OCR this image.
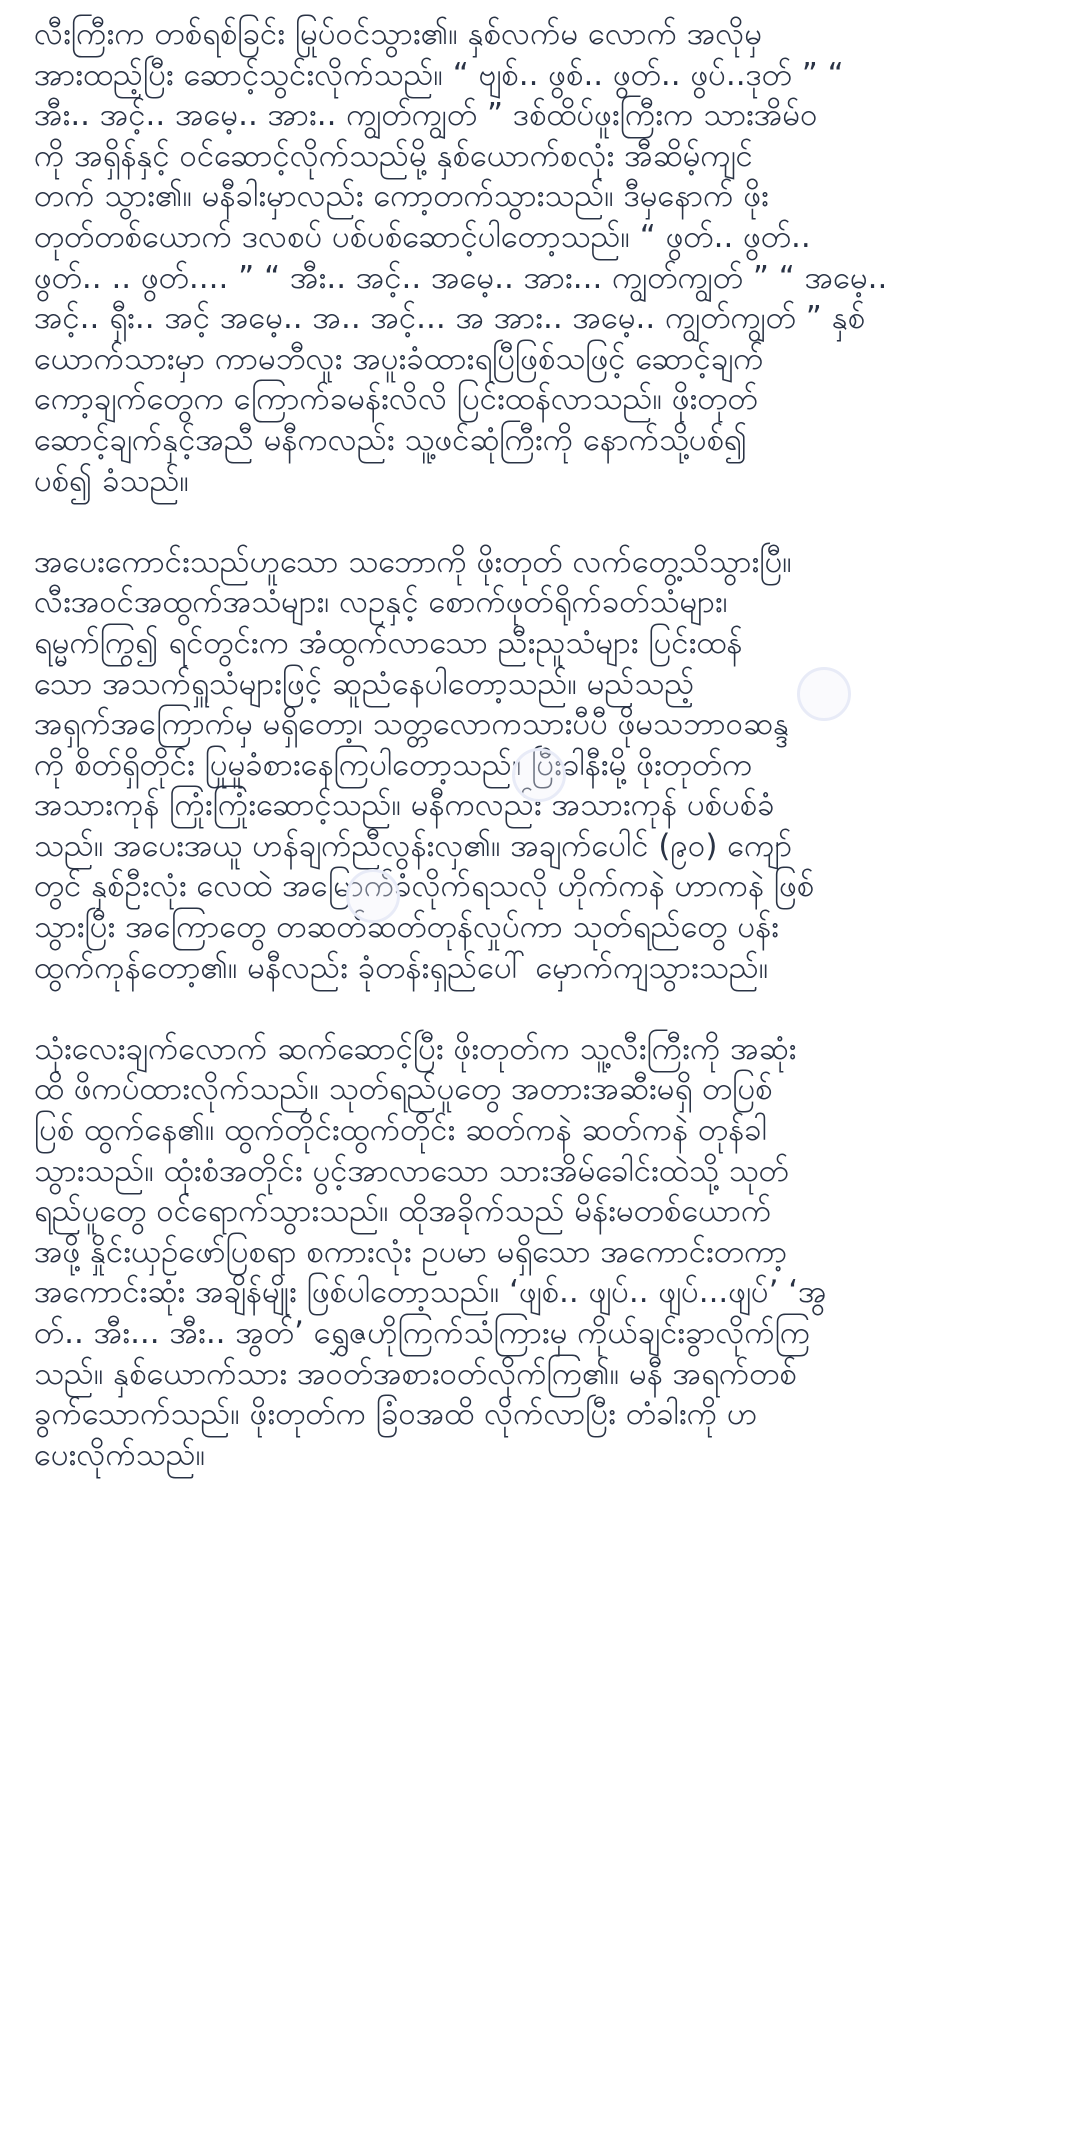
လီးကြီးက တစ်ရစ်ခြင်း မြုပ်ဝင်သွား၏။ နှစ်လက်မ လောက် အလိုမှ
အားထည့်ပြီး ဆောင့်သွင်းလိုက်သည်။ “ ဗျစ်.. ဖွစ်.. ဖွတ်.. ဖွပ်..ဒုတ် ” “
အီး.. အင့်.. အမေ့.. အား.. ကျွတ်ကျွတ် ” ဒစ်ထိပ်ဖူးကြီးက သားအိမ်ဝ
ကို အရှိန်နှင့် ဝင်ဆောင့်လိုက်သည်မို့ နှစ်ယောက်စလုံး အီဆိမ့်ကျင်
တက် သွား၏။ မနီခါးမှာလည်း ကော့တက်သွားသည်။ ဒီမှနောက် ဖိုး
တုတ်တစ်ယောက် ဒလစပ် ပစ်ပစ်ဆောင့်ပါတော့သည်။ “ ဖွတ်.. ဖွတ်..
ဖွတ်.. .. ဖွတ်.... ” “ အီး.. အင့်.. အမေ့.. အား... ကျွတ်ကျွတ် ” “ အမေ့..
အင့်.. ရှီး.. အင့် အမေ့.. အ.. အင့်... အ အား.. အမေ့.. ကျွတ်ကျွတ် ” နှစ်
ယောက်သားမှာ ကာမဘီလူး အပူးခံထားရပြီဖြစ်သဖြင့် ဆောင့်ချက်
ကော့ချက်တွေက ကြောက်ခမန်းလိလိ ပြင်းထန်လာသည်။ ဖိုးတုတ်
ဆောင့်ချက်နှင့်အညီ မနီကလည်း သူ့ဖင်ဆုံကြီးကို နောက်သို့ပစ်၍
ပစ်၍ ခံသည်။

အပေးကောင်းသည်ဟူသော သဘောကို ဖိုးတုတ် လက်တွေ့သိသွားပြီ။
လီးအဝင်အထွက်အသံများ၊ လဥနှင့် စောက်ဖုတ်ရိုက်ခတ်သံများ၊
ရမ္မက်ကြွ၍ ရင်တွင်းက အံထွက်လာသော ညီးညူသံများ ပြင်းထန်
သော အသက်ရှူသံများဖြင့် ဆူညံနေပါတော့သည်။ မည်သည့်
အရှက်အကြောက်မှ မရှိတော့၊ သတ္တလောကသားပီပီ ဖိုမသဘာဝဆန္ဒ
ကို စိတ်ရှိတိုင်း ပြုမူခံစားနေကြပါတော့သည်။ ပြီးခါနီးမို့ ဖိုးတုတ်က
အသားကုန် ကြုံးကြုံးဆောင့်သည်။ မနီကလည်း အသားကုန် ပစ်ပစ်ခံ
သည်။ အပေးအယူ ဟန်ချက်ညီလွန်းလှ၏။ အချက်ပေါင် (၉၀) ကျော်
တွင် နှစ်ဦးလုံး လေထဲ အမြောက်ခံလိုက်ရသလို ဟိုက်ကနဲ ဟာကနဲ ဖြစ်
သွားပြီး အကြောတွေ တဆတ်ဆတ်တုန်လှုပ်ကာ သုတ်ရည်တွေ ပန်း
ထွက်ကုန်တော့၏။ မနီလည်း ခုံတန်းရှည်ပေါ် မှောက်ကျသွားသည်။

သုံးလေးချက်လောက် ဆက်ဆောင့်ပြီး ဖိုးတုတ်က သူ့လီးကြီးကို အဆုံး
ထိ ဖိကပ်ထားလိုက်သည်။ သုတ်ရည်ပူတွေ အတားအဆီးမရှိ တပြစ်
ပြစ် ထွက်နေ၏။ ထွက်တိုင်းထွက်တိုင်း ဆတ်ကနဲ ဆတ်ကနဲ တုန်ခါ
သွားသည်။ ထုံးစံအတိုင်း ပွင့်အာလာသော သားအိမ်ခေါင်းထဲသို့ သုတ်
ရည်ပူတွေ ဝင်ရောက်သွားသည်။ ထိုအခိုက်သည် မိန်းမတစ်ယောက်
အဖို့ နှိုင်းယှဉ်ဖော်ပြစရာ စကားလုံး ဥပမာ မရှိသော အကောင်းတကာ့
အကောင်းဆုံး အချိန်မျိုး ဖြစ်ပါတော့သည်။ ‘ဖျစ်.. ဖျပ်.. ဖျပ်...ဖျပ်’ ‘အွ
တ်.. အီး... အီး.. အွတ်’ ရွှေဇဟိုကြက်သံကြားမှ ကိုယ်ချင်းခွာလိုက်ကြ
သည်။ နှစ်ယောက်သား အဝတ်အစားဝတ်လိုက်ကြ၏။ မနီ အရက်တစ်
ခွက်သောက်သည်။ ဖိုးတုတ်က ခြံဝအထိ လိုက်လာပြီး တံခါးကို ဟ
ပေးလိုက်သည်။
